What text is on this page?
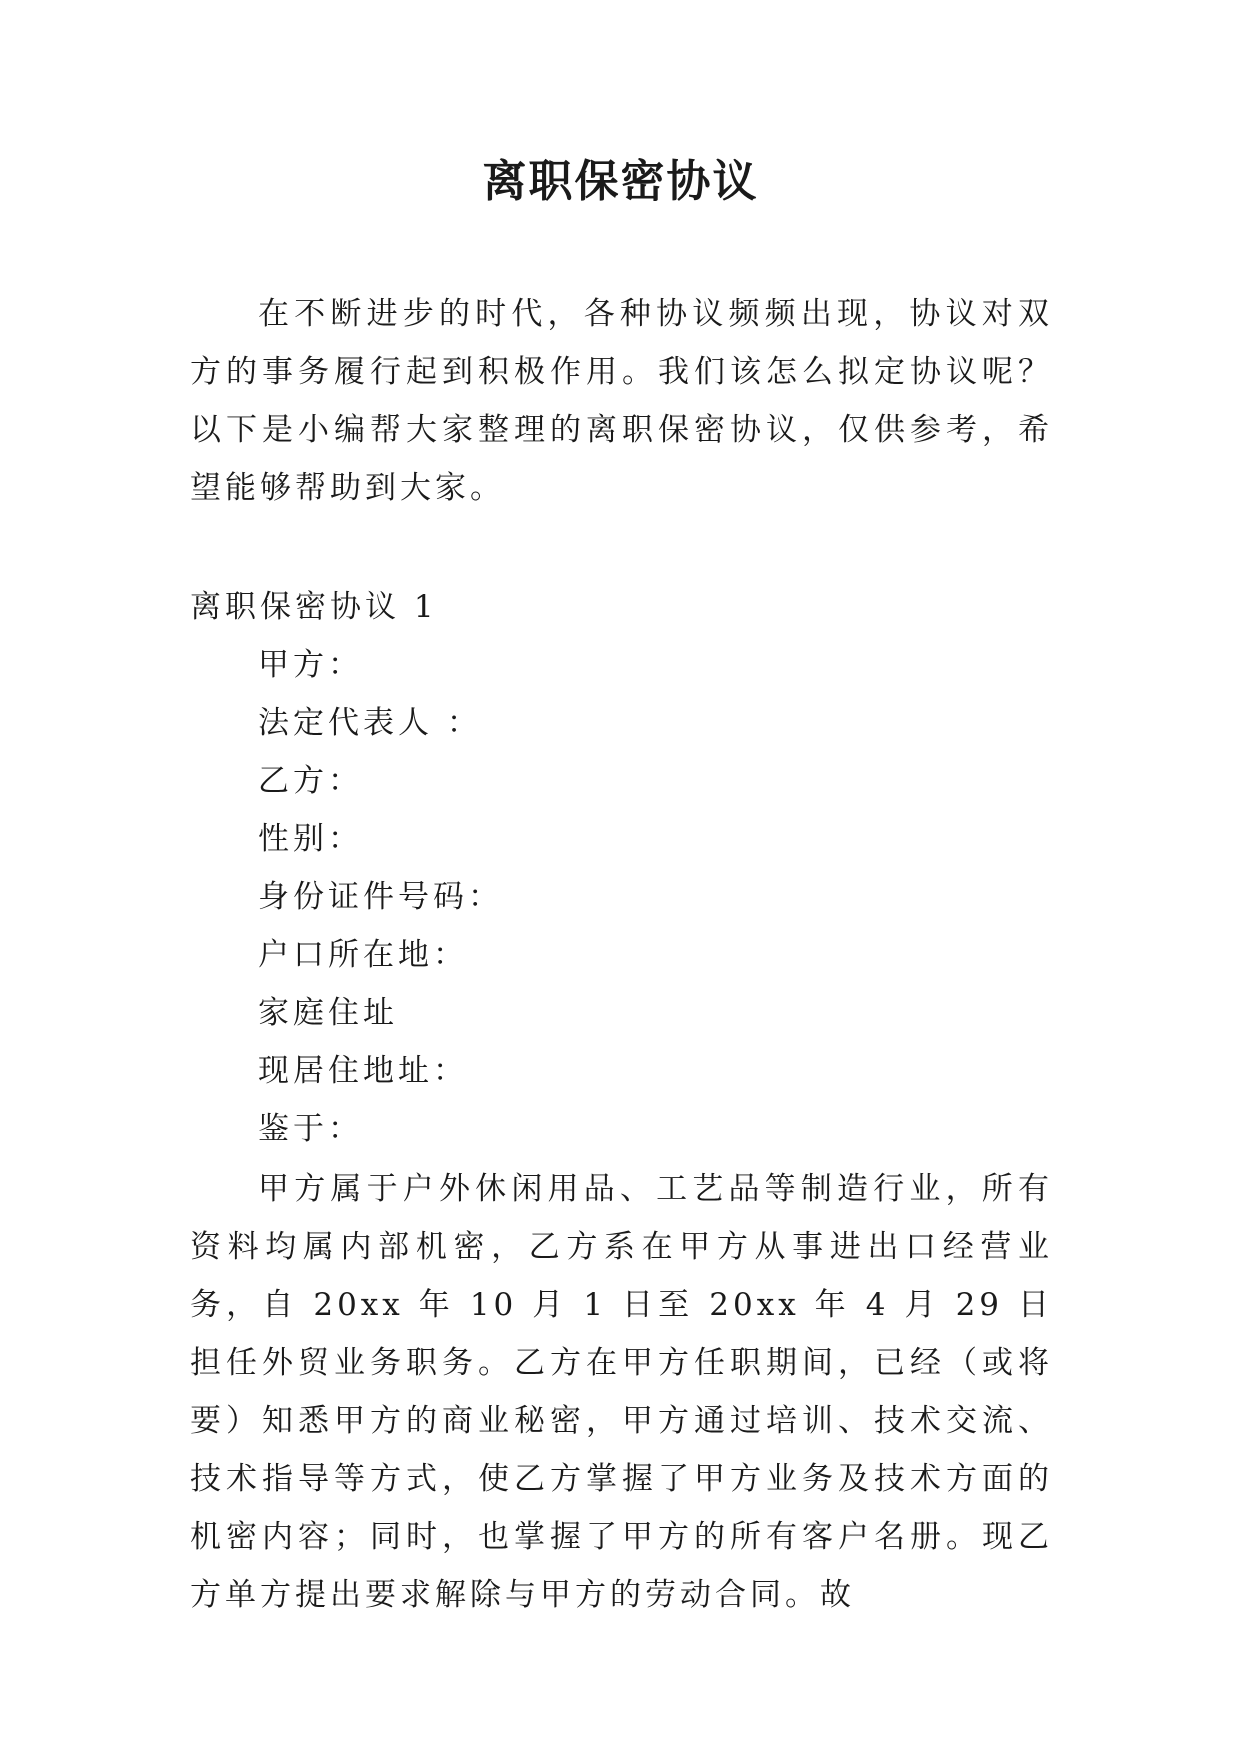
离职保密协议

在不断进步的时代，各种协议频频出现，协议对双方的事务履行起到积极作用。我们该怎么拟定协议呢？以下是小编帮大家整理的离职保密协议，仅供参考，希望能够帮助到大家。

离职保密协议 1
甲方：
法定代表人 ：
乙方：
性别：
身份证件号码：
户口所在地：
家庭住址
现居住地址：
鉴于：

甲方属于户外休闲用品、工艺品等制造行业，所有资料均属内部机密，乙方系在甲方从事进出口经营业务，自 20xx 年 10 月 1 日至 20xx 年 4 月 29 日担任外贸业务职务。乙方在甲方任职期间，已经（或将要）知悉甲方的商业秘密，甲方通过培训、技术交流、技术指导等方式，使乙方掌握了甲方业务及技术方面的机密内容；同时，也掌握了甲方的所有客户名册。现乙方单方提出要求解除与甲方的劳动合同。故
